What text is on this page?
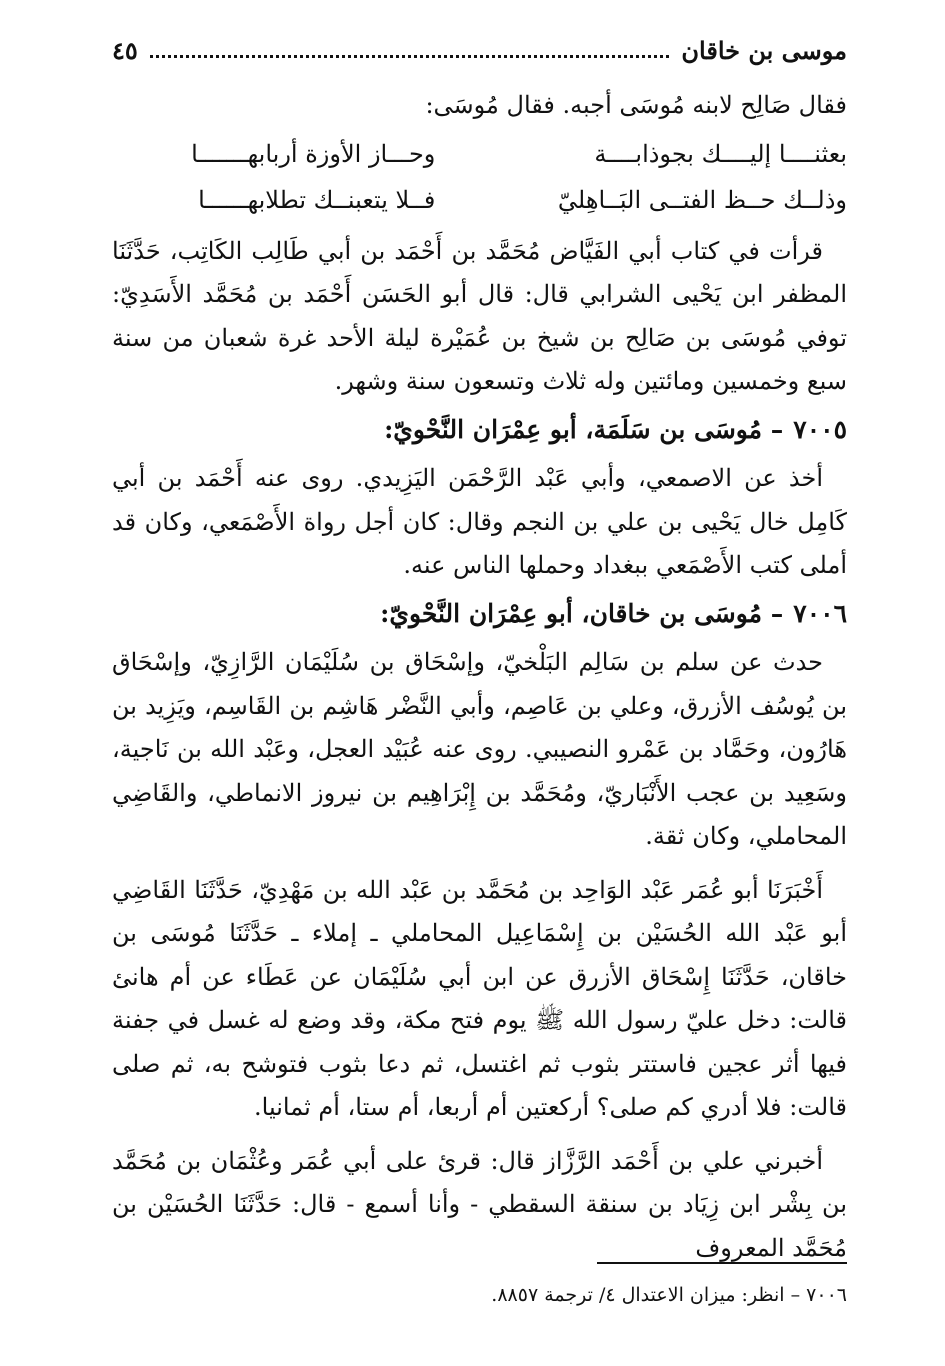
موسى بن خاقان
٤٥

فقال صَالِح لابنه مُوسَى أجبه. فقال مُوسَى:

بعثنــــا إليــــك بجوذابــــة
وحـــاز الأوزة أربابهـــــــا
وذلــك حــظ الفتــى البَــاهِليّ
فــلا يتعبنــك تطلابهــــــا

قرأت في كتاب أبي الفَيَّاض مُحَمَّد بن أَحْمَد بن أبي طَالِب الكَاتِب، حَدَّثَنَا المظفر ابن يَحْيى الشرابي قال: قال أبو الحَسَن أَحْمَد بن مُحَمَّد الأَسَدِيّ: توفي مُوسَى بن صَالِح بن شيخ بن عُمَيْرة ليلة الأحد غرة شعبان من سنة سبع وخمسين ومائتين وله ثلاث وتسعون سنة وشهر.

٧٠٠٥– مُوسَى بن سَلَمَة، أبو عِمْرَان النَّحْويّ:

أخذ عن الاصمعي، وأبي عَبْد الرَّحْمَن اليَزِيدي. روى عنه أَحْمَد بن أبي كَامِل خال يَحْيى بن علي بن النجم وقال: كان أجل رواة الأَصْمَعي، وكان قد أملى كتب الأَصْمَعي ببغداد وحملها الناس عنه.

٧٠٠٦– مُوسَى بن خاقان، أبو عِمْرَان النَّحْويّ:

حدث عن سلم بن سَالِم البَلْخيّ، وإسْحَاق بن سُلَيْمَان الرَّازِيّ، وإسْحَاق بن يُوسُف الأزرق، وعلي بن عَاصِم، وأبي النَّضْر هَاشِم بن القَاسِم، ويَزِيد بن هَارُون، وحَمَّاد بن عَمْرو النصيبي. روى عنه عُبَيْد العجل، وعَبْد الله بن نَاجية، وسَعِيد بن عجب الأَنْبَاريّ، ومُحَمَّد بن إِبْرَاهِيم بن نيروز الانماطي، والقَاضِي المحاملي، وكان ثقة.

أَخْبَرَنَا أبو عُمَر عَبْد الوَاحِد بن مُحَمَّد بن عَبْد الله بن مَهْدِيّ، حَدَّثَنَا القَاضِي أبو عَبْد الله الحُسَيْن بن إِسْمَاعِيل المحاملي ـ إملاء ـ حَدَّثَنَا مُوسَى بن خاقان، حَدَّثَنَا إِسْحَاق الأزرق عن ابن أبي سُلَيْمَان عن عَطَاء عن أم هانئ قالت: دخل عليّ رسول الله ﷺ يوم فتح مكة، وقد وضع له غسل في جفنة فيها أثر عجين فاستتر بثوب ثم اغتسل، ثم دعا بثوب فتوشح به، ثم صلى قالت: فلا أدري كم صلى؟ أركعتين أم أربعا، أم ستا، أم ثمانيا.

أخبرني علي بن أَحْمَد الرَّزَّاز قال: قرئ على أبي عُمَر وعُثْمَان بن مُحَمَّد بن بِشْر ابن زِيَاد بن سنقة السقطي - وأنا أسمع - قال: حَدَّثَنَا الحُسَيْن بن مُحَمَّد المعروف

٧٠٠٦ – انظر: ميزان الاعتدال ٤/ ترجمة ٨٨٥٧.
